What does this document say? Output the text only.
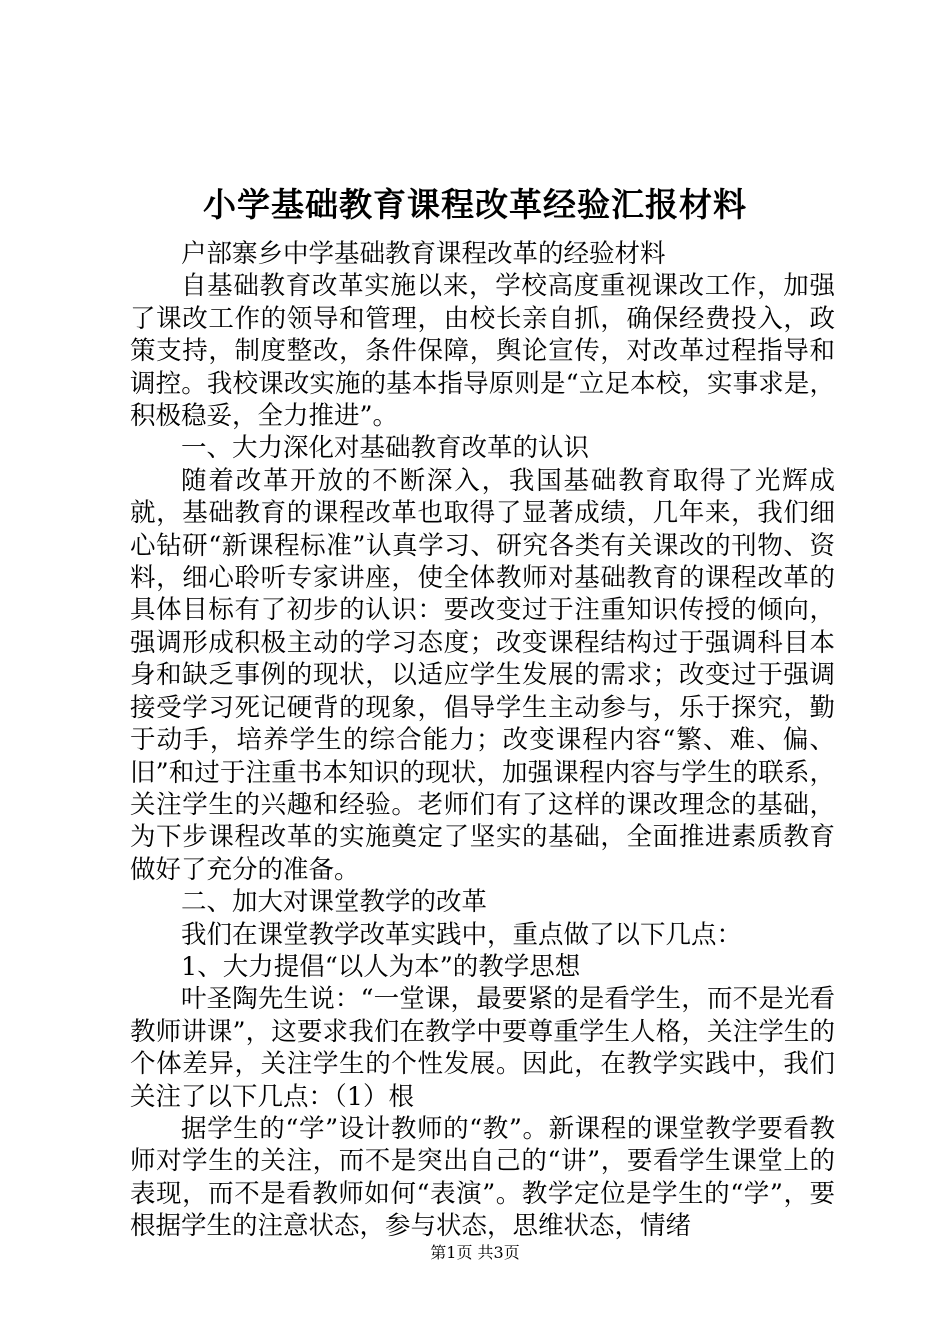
小学基础教育课程改革经验汇报材料

户部寨乡中学基础教育课程改革的经验材料

自基础教育改革实施以来，学校高度重视课改工作，加强了课改工作的领导和管理，由校长亲自抓，确保经费投入，政策支持，制度整改，条件保障，舆论宣传，对改革过程指导和调控。我校课改实施的基本指导原则是“立足本校，实事求是，积极稳妥，全力推进”。

一、大力深化对基础教育改革的认识

随着改革开放的不断深入，我国基础教育取得了光辉成就，基础教育的课程改革也取得了显著成绩，几年来，我们细心钻研“新课程标准”认真学习、研究各类有关课改的刊物、资料，细心聆听专家讲座，使全体教师对基础教育的课程改革的具体目标有了初步的认识：要改变过于注重知识传授的倾向，强调形成积极主动的学习态度；改变课程结构过于强调科目本身和缺乏事例的现状，以适应学生发展的需求；改变过于强调接受学习死记硬背的现象，倡导学生主动参与，乐于探究，勤于动手，培养学生的综合能力；改变课程内容“繁、难、偏、旧”和过于注重书本知识的现状，加强课程内容与学生的联系，关注学生的兴趣和经验。老师们有了这样的课改理念的基础，为下步课程改革的实施奠定了坚实的基础，全面推进素质教育做好了充分的准备。

二、加大对课堂教学的改革

我们在课堂教学改革实践中，重点做了以下几点：

1、大力提倡“以人为本”的教学思想

叶圣陶先生说：“一堂课，最要紧的是看学生，而不是光看教师讲课”，这要求我们在教学中要尊重学生人格，关注学生的个体差异，关注学生的个性发展。因此，在教学实践中，我们关注了以下几点：（1）根

据学生的“学”设计教师的“教”。新课程的课堂教学要看教师对学生的关注，而不是突出自己的“讲”，要看学生课堂上的表现，而不是看教师如何“表演”。教学定位是学生的“学”，要根据学生的注意状态，参与状态，思维状态，情绪

第1页 共3页
